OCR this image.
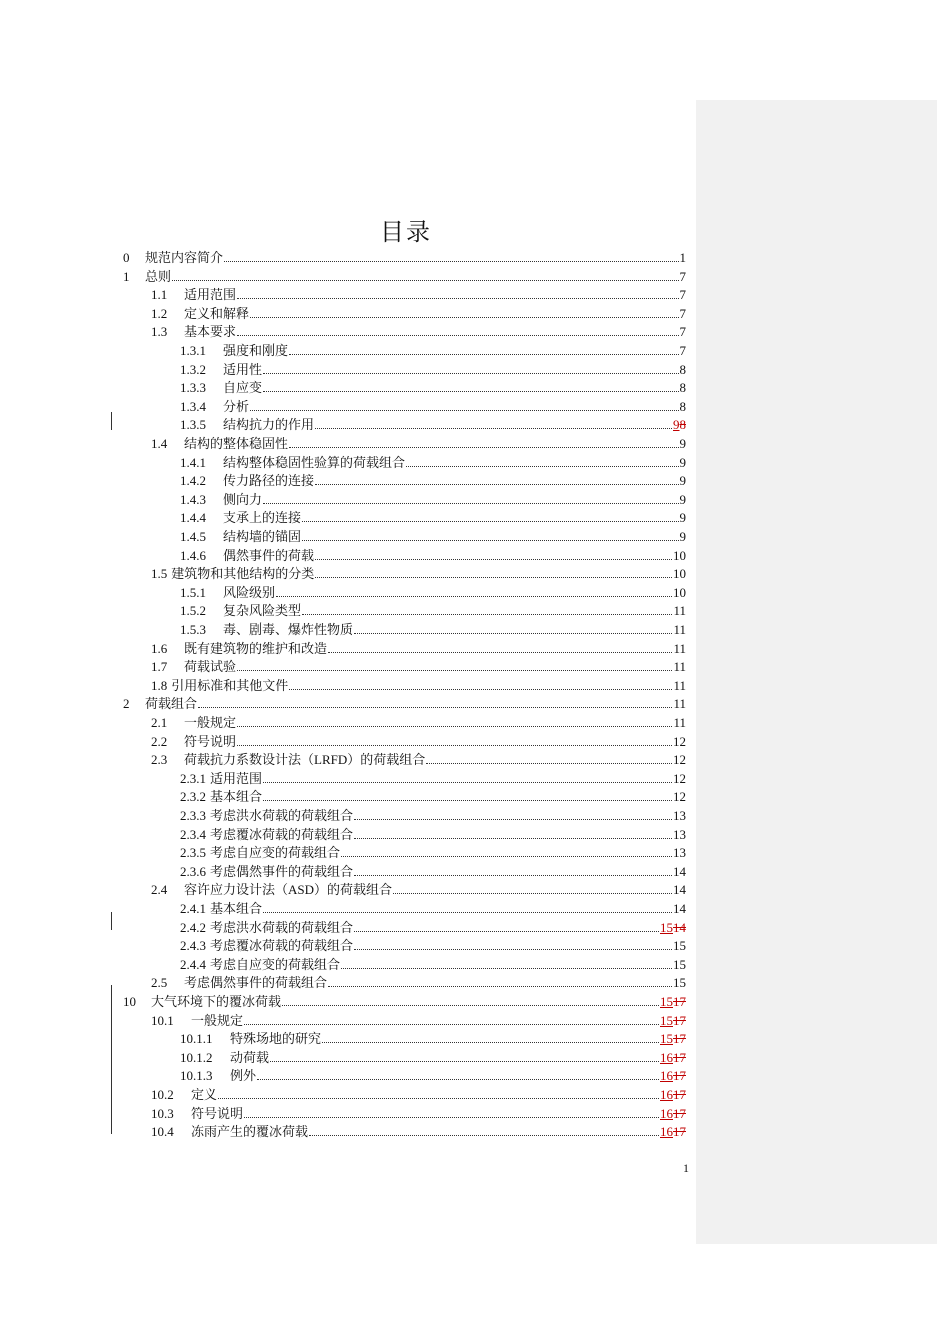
目录
0	规范内容简介	1
1	总则	7
1.1	适用范围	7
1.2	定义和解释	7
1.3	基本要求	7
1.3.1	强度和刚度	7
1.3.2	适用性	8
1.3.3	自应变	8
1.3.4	分析	8
1.3.5	结构抗力的作用	98
1.4	结构的整体稳固性	9
1.4.1	结构整体稳固性验算的荷载组合	9
1.4.2	传力路径的连接	9
1.4.3	侧向力	9
1.4.4	支承上的连接	9
1.4.5	结构墙的锚固	9
1.4.6	偶然事件的荷载	10
1.5 建筑物和其他结构的分类	10
1.5.1	风险级别	10
1.5.2	复杂风险类型	11
1.5.3	毒、剧毒、爆炸性物质	11
1.6	既有建筑物的维护和改造	11
1.7	荷载试验	11
1.8 引用标准和其他文件	11
2	荷载组合	11
2.1	一般规定	11
2.2	符号说明	12
2.3	荷载抗力系数设计法（LRFD）的荷载组合	12
2.3.1 适用范围	12
2.3.2 基本组合	12
2.3.3 考虑洪水荷载的荷载组合	13
2.3.4 考虑覆冰荷载的荷载组合	13
2.3.5 考虑自应变的荷载组合	13
2.3.6 考虑偶然事件的荷载组合	14
2.4	容许应力设计法（ASD）的荷载组合	14
2.4.1 基本组合	14
2.4.2 考虑洪水荷载的荷载组合	1514
2.4.3 考虑覆冰荷载的荷载组合	15
2.4.4 考虑自应变的荷载组合	15
2.5	考虑偶然事件的荷载组合	15
10	大气环境下的覆冰荷载	1517
10.1	一般规定	1517
10.1.1	特殊场地的研究	1517
10.1.2	动荷载	1617
10.1.3	例外	1617
10.2	定义	1617
10.3	符号说明	1617
10.4	冻雨产生的覆冰荷载	1617
1
